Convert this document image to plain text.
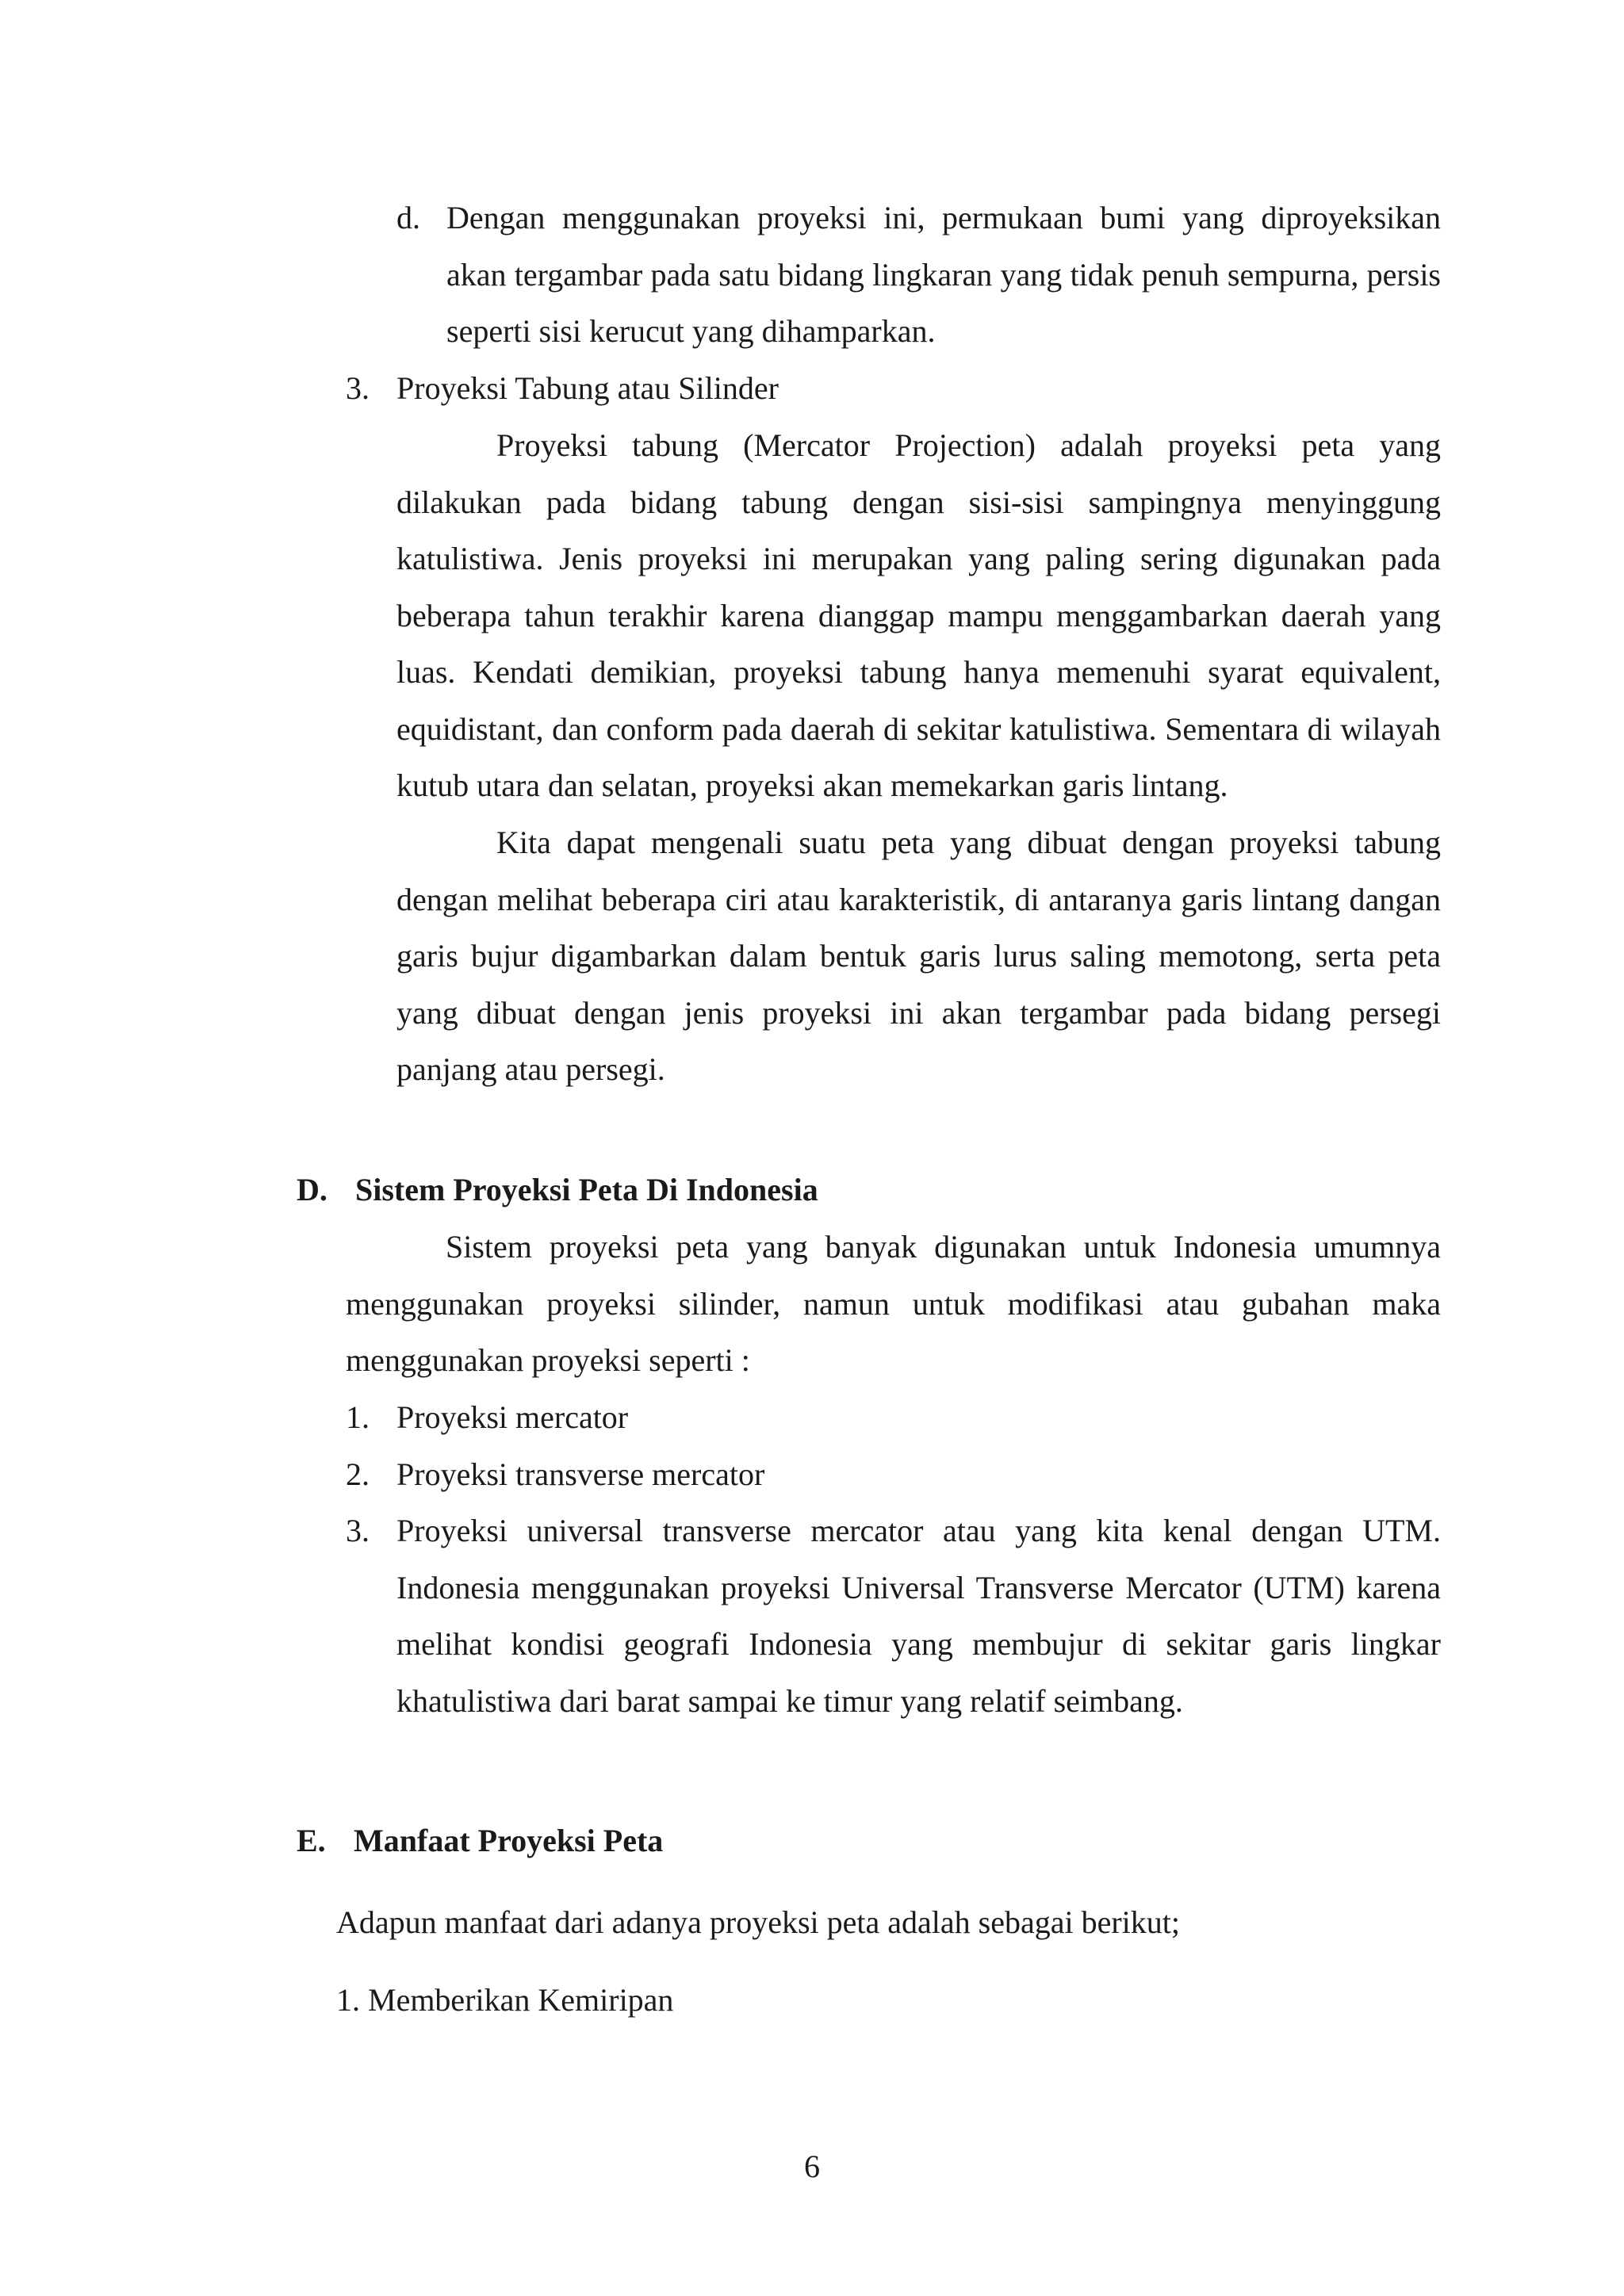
d. Dengan menggunakan proyeksi ini, permukaan bumi yang diproyeksikan akan tergambar pada satu bidang lingkaran yang tidak penuh sempurna, persis seperti sisi kerucut yang dihamparkan.
3. Proyeksi Tabung atau Silinder
Proyeksi tabung (Mercator Projection) adalah proyeksi peta yang dilakukan pada bidang tabung dengan sisi-sisi sampingnya menyinggung katulistiwa. Jenis proyeksi ini merupakan yang paling sering digunakan pada beberapa tahun terakhir karena dianggap mampu menggambarkan daerah yang luas. Kendati demikian, proyeksi tabung hanya memenuhi syarat equivalent, equidistant, dan conform pada daerah di sekitar katulistiwa. Sementara di wilayah kutub utara dan selatan, proyeksi akan memekarkan garis lintang.
Kita dapat mengenali suatu peta yang dibuat dengan proyeksi tabung dengan melihat beberapa ciri atau karakteristik, di antaranya garis lintang dangan garis bujur digambarkan dalam bentuk garis lurus saling memotong, serta peta yang dibuat dengan jenis proyeksi ini akan tergambar pada bidang persegi panjang atau persegi.
D. Sistem Proyeksi Peta Di Indonesia
Sistem proyeksi peta yang banyak digunakan untuk Indonesia umumnya menggunakan proyeksi silinder, namun untuk modifikasi atau gubahan maka menggunakan proyeksi seperti :
1. Proyeksi mercator
2. Proyeksi transverse mercator
3. Proyeksi universal transverse mercator atau yang kita kenal dengan UTM. Indonesia menggunakan proyeksi Universal Transverse Mercator (UTM) karena melihat kondisi geografi Indonesia yang membujur di sekitar garis lingkar khatulistiwa dari barat sampai ke timur yang relatif seimbang.
E. Manfaat Proyeksi Peta
Adapun manfaat dari adanya proyeksi peta adalah sebagai berikut;
1. Memberikan Kemiripan
6
